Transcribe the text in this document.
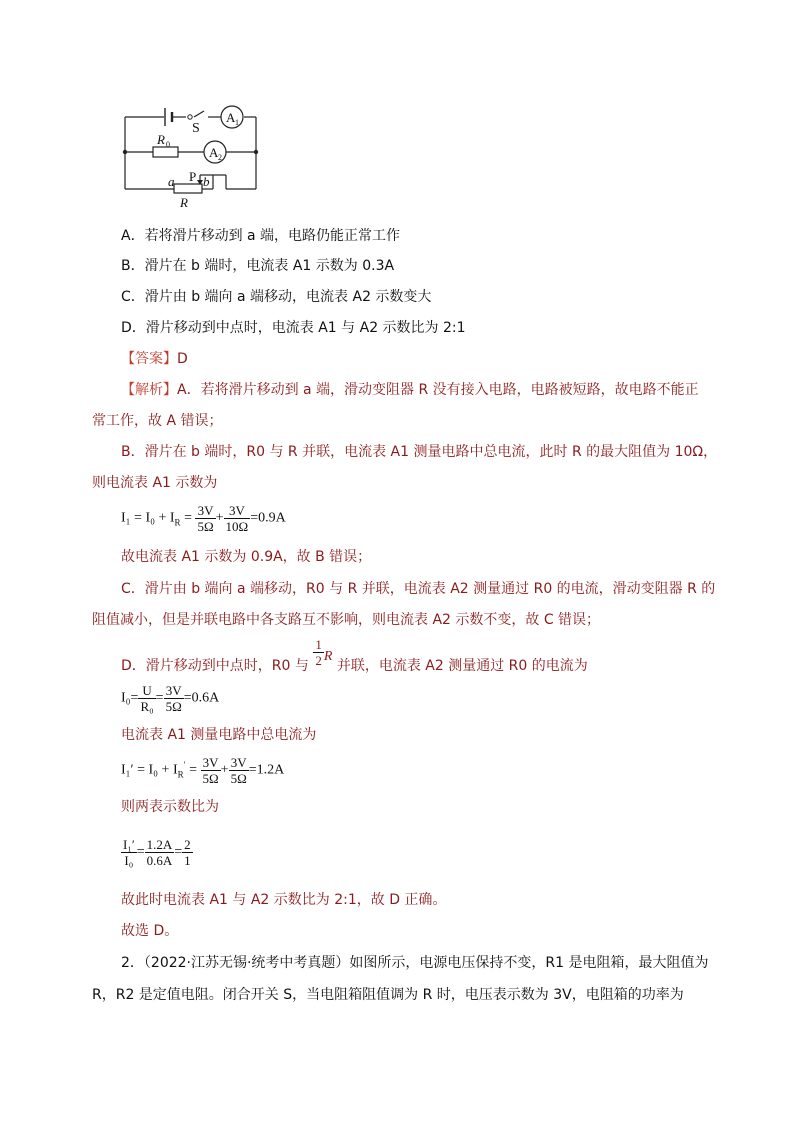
S
A 1
A 2
R 0
P
a b
R
A．若将滑片移动到 a 端，电路仍能正常工作
B．滑片在 b 端时，电流表 A1 示数为 0.3A
C．滑片由 b 端向 a 端移动，电流表 A2 示数变大
D．滑片移动到中点时，电流表 A1 与 A2 示数比为 2:1
【答案】D
【解析】A．若将滑片移动到 a 端，滑动变阻器 R 没有接入电路，电路被短路，故电路不能正
常工作，故 A 错误；
B．滑片在 b 端时，R0 与 R 并联，电流表 A1 测量电路中总电流，此时 R 的最大阻值为 10Ω，
则电流表 A1 示数为
$I_1 = I_0 + I_R = \frac{3V}{5\Omega} + \frac{3V}{10\Omega} =0.9A$
故电流表 A1 示数为 0.9A，故 B 错误；
C．滑片由 b 端向 a 端移动，R0 与 R 并联，电流表 A2 测量通过 R0 的电流，滑动变阻器 R 的
阻值减小，但是并联电路中各支路互不影响，则电流表 A2 示数不变，故 C 错误；
D．滑片移动到中点时，R0 与 $\frac{1}{2}$ R 并联，电流表 A2 测量通过 R0 的电流为
$I_0= \frac{U}{\text{R₀}} = \frac{3V}{5\Omega} =0.6A$
电流表 A1 测量电路中总电流为
$I_1' = I_0 + I_R' = \frac{3V}{5\Omega} + \frac{3V}{5\Omega} =1.2A$
则两表示数比为
$\frac{\text{I₁′}}{\text{I₀}} = \frac{1.2A}{0.6A} = \frac{2}{1}$
故此时电流表 A1 与 A2 示数比为 2:1，故 D 正确。
故选 D。
2．（2022·江苏无锡·统考中考真题）如图所示，电源电压保持不变，R1 是电阻箱，最大阻值为
R，R2 是定值电阻。闭合开关 S，当电阻箱阻值调为 R 时，电压表示数为 3V，电阻箱的功率为
